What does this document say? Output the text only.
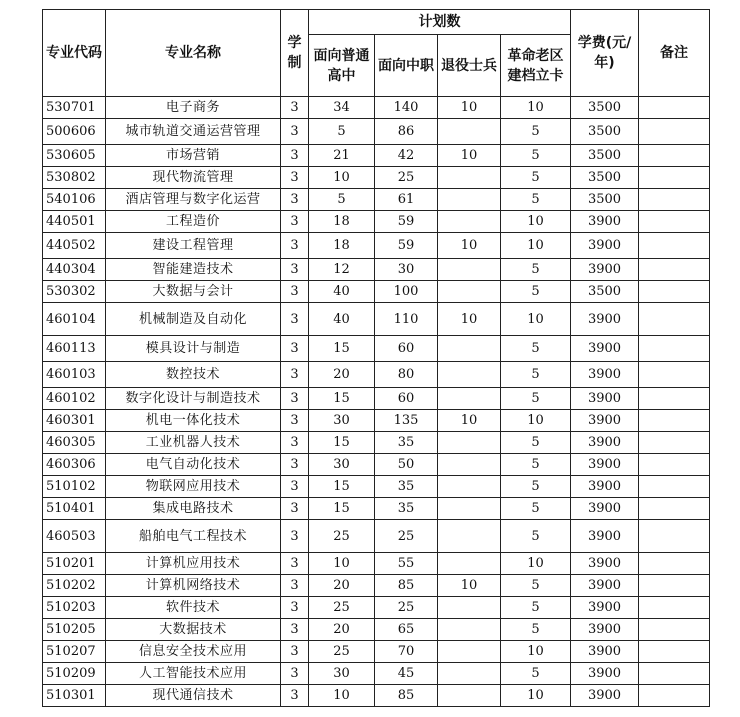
专业代码	专业名称	学制	计划数				学费(元/年)	备注
			面向普通高中	面向中职	退役士兵	革命老区建档立卡		
530701	电子商务	3	34	140	10	10	3500	
500606	城市轨道交通运营管理	3	5	86		5	3500	
530605	市场营销	3	21	42	10	5	3500	
530802	现代物流管理	3	10	25		5	3500	
540106	酒店管理与数字化运营	3	5	61		5	3500	
440501	工程造价	3	18	59		10	3900	
440502	建设工程管理	3	18	59	10	10	3900	
440304	智能建造技术	3	12	30		5	3900	
530302	大数据与会计	3	40	100		5	3500	
460104	机械制造及自动化	3	40	110	10	10	3900	
460113	模具设计与制造	3	15	60		5	3900	
460103	数控技术	3	20	80		5	3900	
460102	数字化设计与制造技术	3	15	60		5	3900	
460301	机电一体化技术	3	30	135	10	10	3900	
460305	工业机器人技术	3	15	35		5	3900	
460306	电气自动化技术	3	30	50		5	3900	
510102	物联网应用技术	3	15	35		5	3900	
510401	集成电路技术	3	15	35		5	3900	
460503	船舶电气工程技术	3	25	25		5	3900	
510201	计算机应用技术	3	10	55		10	3900	
510202	计算机网络技术	3	20	85	10	5	3900	
510203	软件技术	3	25	25		5	3900	
510205	大数据技术	3	20	65		5	3900	
510207	信息安全技术应用	3	25	70		10	3900	
510209	人工智能技术应用	3	30	45		5	3900	
510301	现代通信技术	3	10	85		10	3900	
